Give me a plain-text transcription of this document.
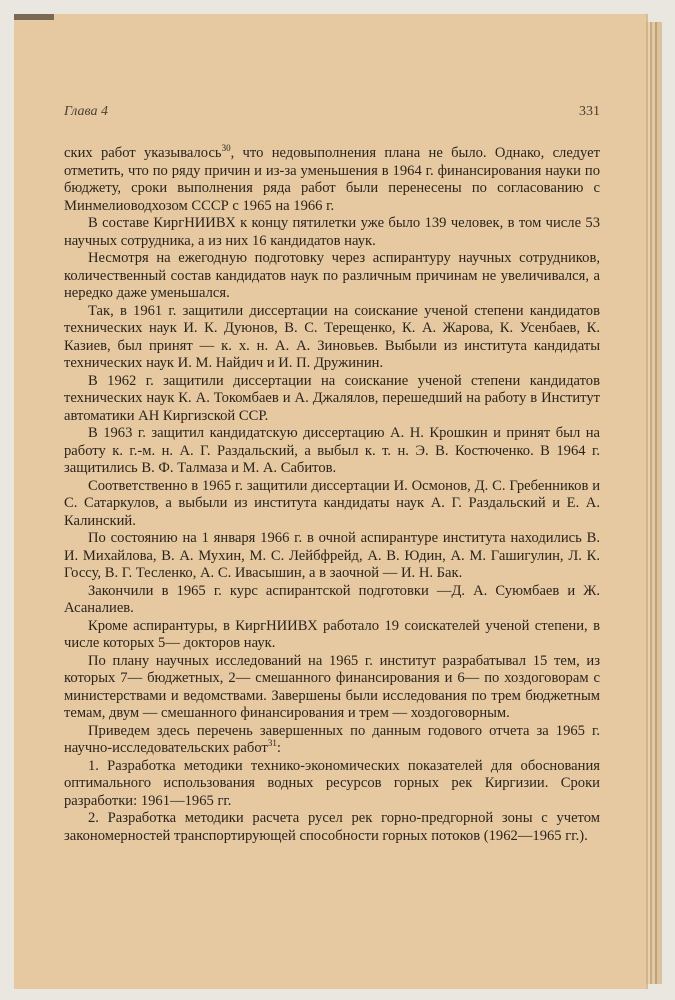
Глава 4	331

ских работ указывалось$^{30}$, что недовыполнения плана не было. Однако, следует отметить, что по ряду причин и из-за уменьшения в 1964 г. финансирования науки по бюджету, сроки выполнения ряда работ были перенесены по согласованию с Минмелиоводхозом СССР с 1965 на 1966 г.

В составе КиргНИИВХ к концу пятилетки уже было 139 человек, в том числе 53 научных сотрудника, а из них 16 кандидатов наук.

Несмотря на ежегодную подготовку через аспирантуру научных сотрудников, количественный состав кандидатов наук по различным причинам не увеличивался, а нередко даже уменьшался.

Так, в 1961 г. защитили диссертации на соискание ученой степени кандидатов технических наук И. К. Дуюнов, В. С. Терещенко, К. А. Жарова, К. Усенбаев, К. Казиев, был принят — к. х. н. А. А. Зиновьев. Выбыли из института кандидаты технических наук И. М. Найдич и И. П. Дружинин.

В 1962 г. защитили диссертации на соискание ученой степени кандидатов технических наук К. А. Токомбаев и А. Джалялов, перешедший на работу в Институт автоматики АН Киргизской ССР.

В 1963 г. защитил кандидатскую диссертацию А. Н. Крошкин и принят был на работу к. г.-м. н. А. Г. Раздальский, а выбыл к. т. н. Э. В. Костюченко. В 1964 г. защитились В. Ф. Талмаза и М. А. Сабитов.

Соответственно в 1965 г. защитили диссертации И. Осмонов, Д. С. Гребенников и С. Сатаркулов, а выбыли из института кандидаты наук А. Г. Раздальский и Е. А. Калинский.

По состоянию на 1 января 1966 г. в очной аспирантуре института находились В. И. Михайлова, В. А. Мухин, М. С. Лейбфрейд, А. В. Юдин, А. М. Гашигулин, Л. К. Госсу, В. Г. Тесленко, А. С. Ивасышин, а в заочной — И. Н. Бак.

Закончили в 1965 г. курс аспирантской подготовки —Д. А. Суюмбаев и Ж. Асаналиев.

Кроме аспирантуры, в КиргНИИВХ работало 19 соискателей ученой степени, в числе которых 5— докторов наук.

По плану научных исследований на 1965 г. институт разрабатывал 15 тем, из которых 7— бюджетных, 2— смешанного финансирования и 6— по хоздоговорам с министерствами и ведомствами. Завершены были исследования по трем бюджетным темам, двум — смешанного финансирования и трем — хоздоговорным.

Приведем здесь перечень завершенных по данным годового отчета за 1965 г. научно-исследовательских работ$^{31}$:

1. Разработка методики технико-экономических показателей для обоснования оптимального использования водных ресурсов горных рек Киргизии. Сроки разработки: 1961—1965 гг.

2. Разработка методики расчета русел рек горно-предгорной зоны с учетом закономерностей транспортирующей способности горных потоков (1962—1965 гг.).
